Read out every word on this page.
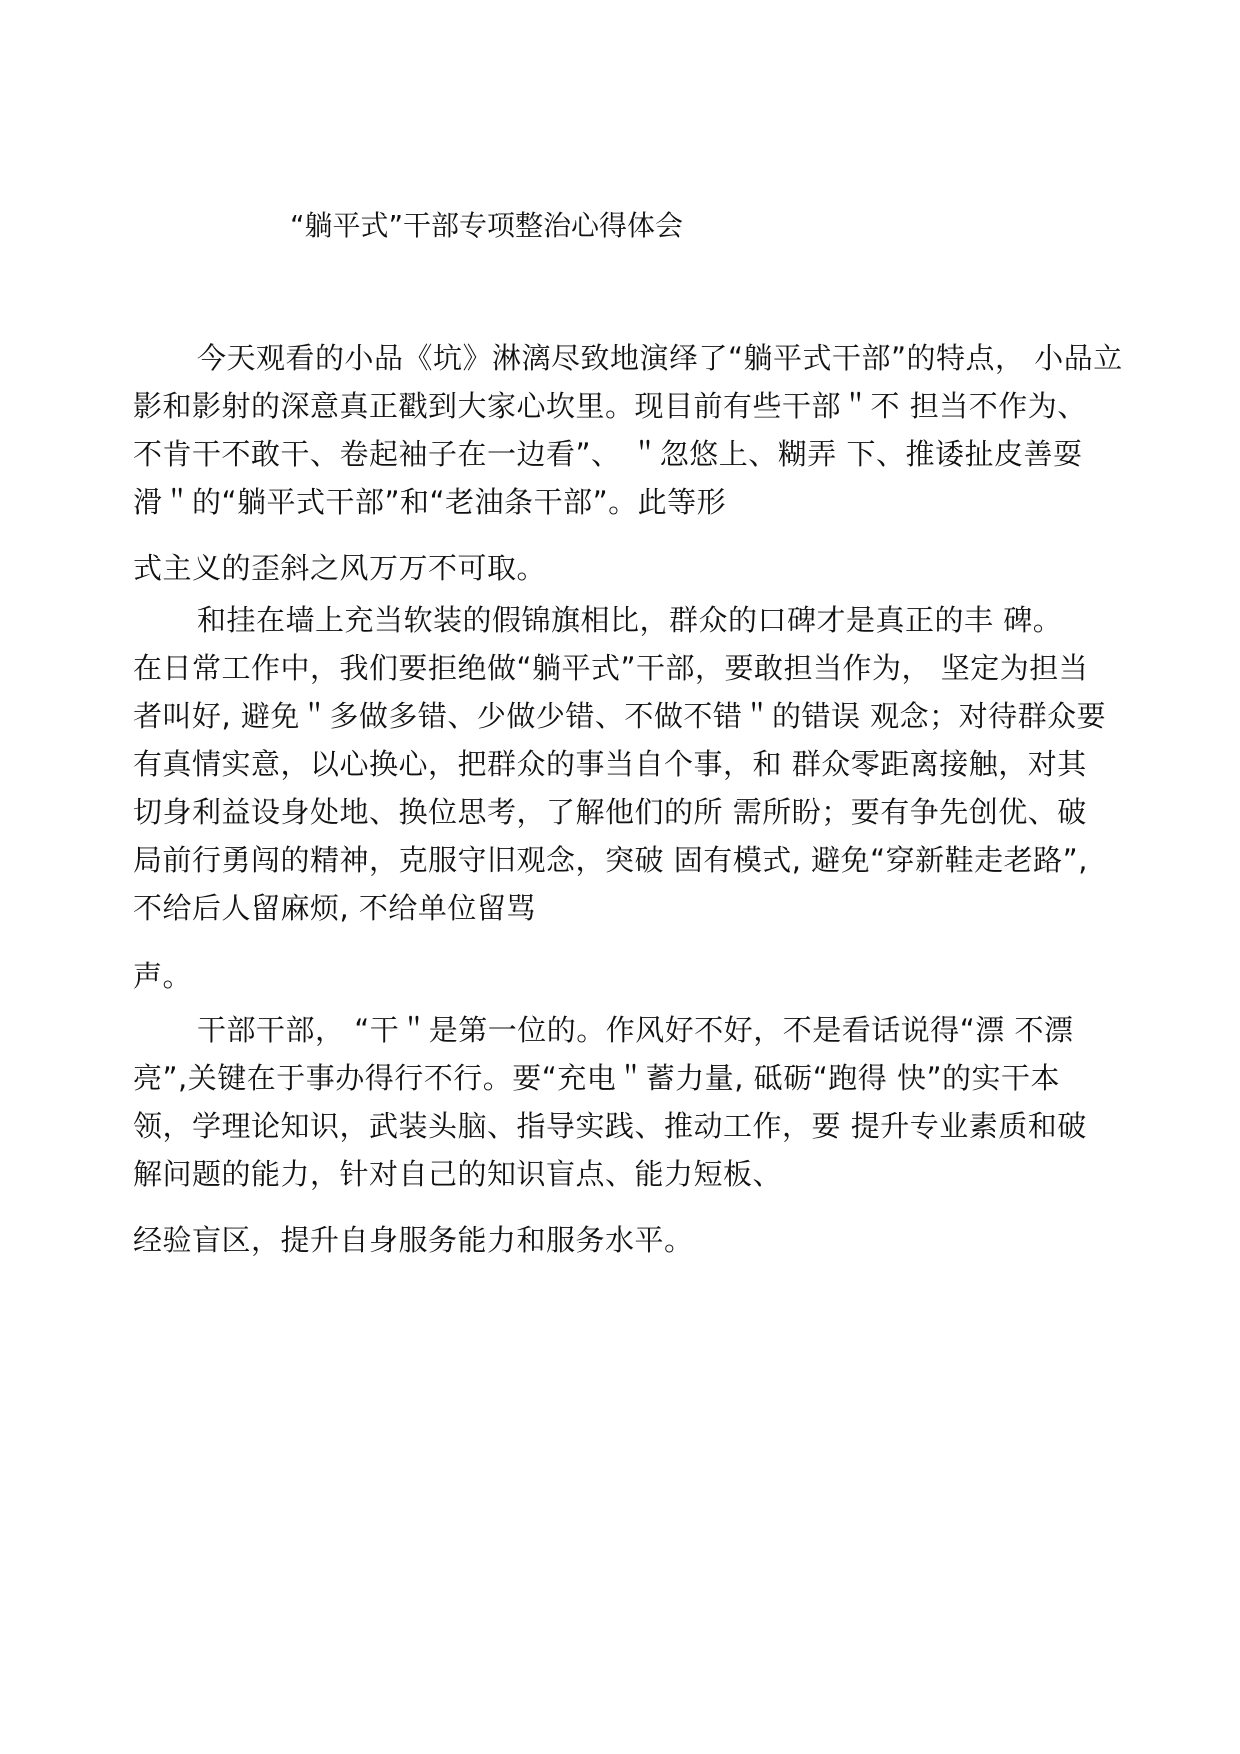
“躺平式”干部专项整治心得体会
今天观看的小品《坑》淋漓尽致地演绎了“躺平式干部”的特点， 小品立
影和影射的深意真正戳到大家心坎里。现目前有些干部＂不 担当不作为、
不肯干不敢干、卷起袖子在一边看”、 ＂忽悠上、糊弄 下、推诿扯皮善耍
滑＂的“躺平式干部”和“老油条干部”。此等形
式主义的歪斜之风万万不可取。
和挂在墙上充当软装的假锦旗相比，群众的口碑才是真正的丰 碑。
在日常工作中，我们要拒绝做“躺平式”干部，要敢担当作为， 坚定为担当
者叫好, 避免＂多做多错、少做少错、不做不错＂的错误 观念；对待群众要
有真情实意，以心换心，把群众的事当自个事，和 群众零距离接触，对其
切身利益设身处地、换位思考，了解他们的所 需所盼；要有争先创优、破
局前行勇闯的精神，克服守旧观念，突破 固有模式, 避免“穿新鞋走老路”,
不给后人留麻烦, 不给单位留骂
声。
干部干部， “干＂是第一位的。作风好不好，不是看话说得“漂 不漂
亮”,关键在于事办得行不行。要“充电＂蓄力量, 砥砺“跑得 快”的实干本
领，学理论知识，武装头脑、指导实践、推动工作，要 提升专业素质和破
解问题的能力，针对自己的知识盲点、能力短板、
经验盲区，提升自身服务能力和服务水平。
